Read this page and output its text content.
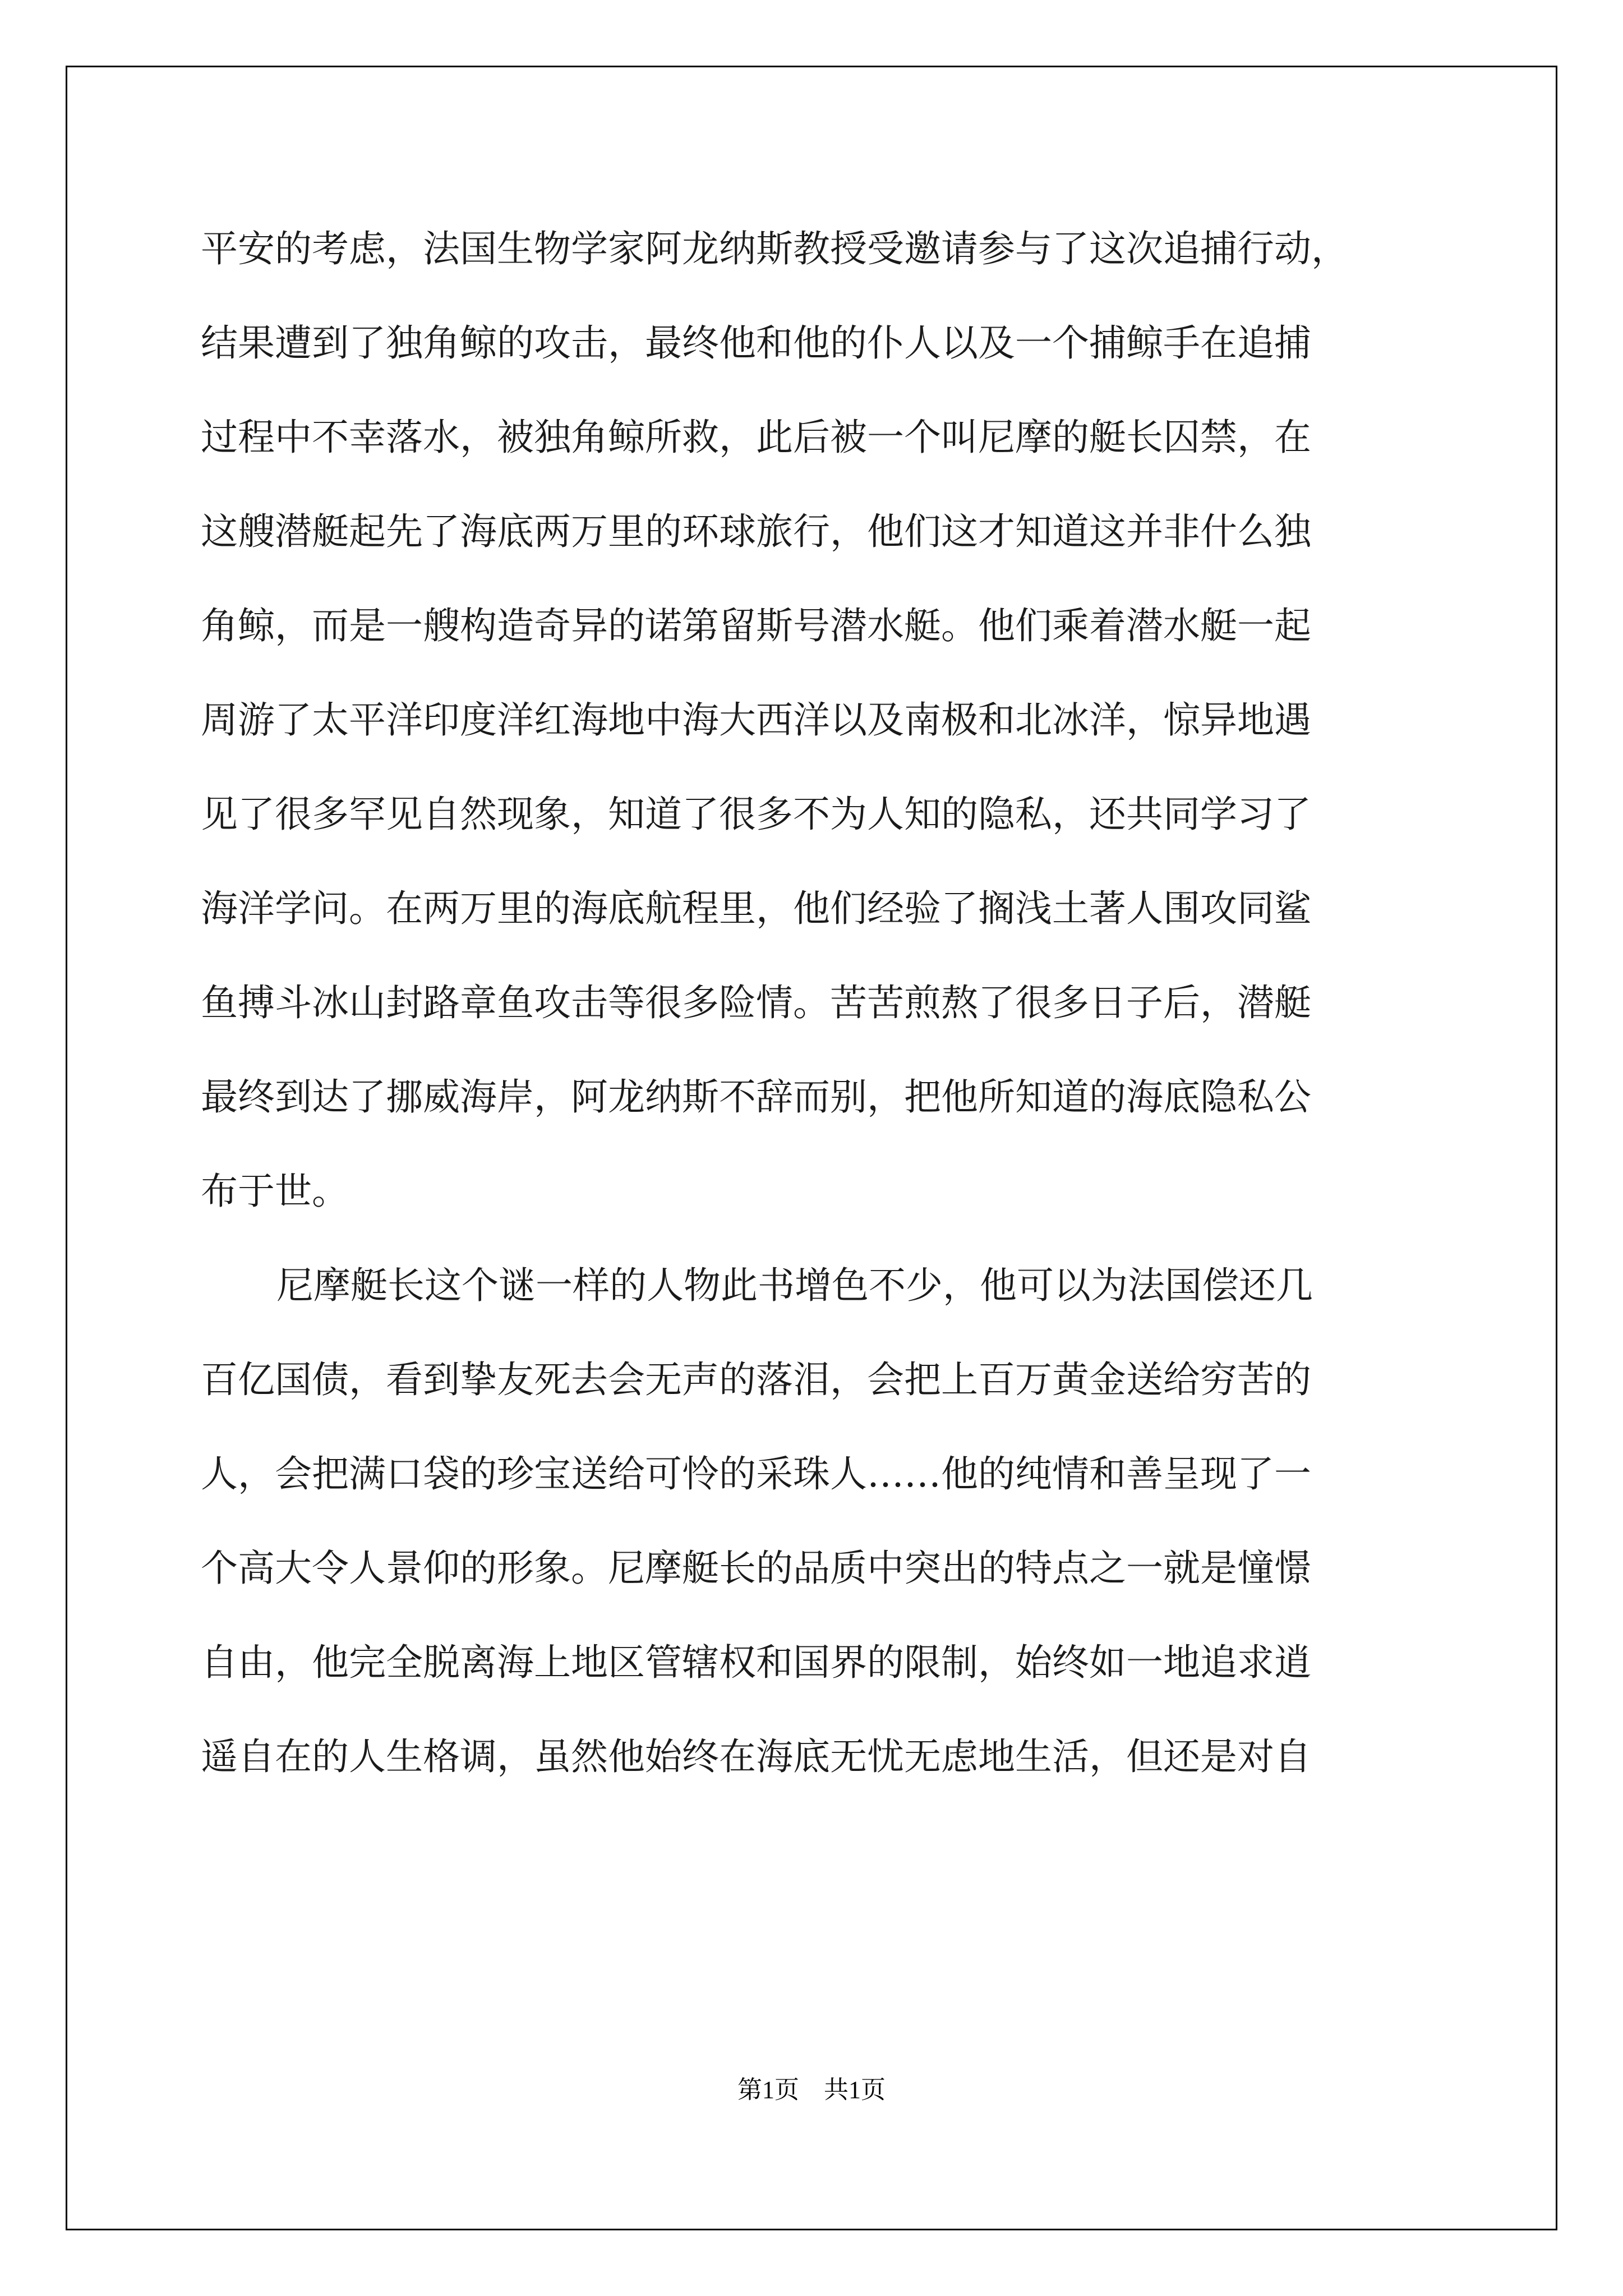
平安的考虑，法国生物学家阿龙纳斯教授受邀请参与了这次追捕行动，
结果遭到了独角鲸的攻击，最终他和他的仆人以及一个捕鲸手在追捕
过程中不幸落水，被独角鲸所救，此后被一个叫尼摩的艇长囚禁，在
这艘潜艇起先了海底两万里的环球旅行，他们这才知道这并非什么独
角鲸，而是一艘构造奇异的诺第留斯号潜水艇。他们乘着潜水艇一起
周游了太平洋印度洋红海地中海大西洋以及南极和北冰洋，惊异地遇
见了很多罕见自然现象，知道了很多不为人知的隐私，还共同学习了
海洋学问。在两万里的海底航程里，他们经验了搁浅土著人围攻同鲨
鱼搏斗冰山封路章鱼攻击等很多险情。苦苦煎熬了很多日子后，潜艇
最终到达了挪威海岸，阿龙纳斯不辞而别，把他所知道的海底隐私公
布于世。
尼摩艇长这个谜一样的人物此书增色不少，他可以为法国偿还几
百亿国债，看到挚友死去会无声的落泪，会把上百万黄金送给穷苦的
人，会把满口袋的珍宝送给可怜的采珠人……他的纯情和善呈现了一
个高大令人景仰的形象。尼摩艇长的品质中突出的特点之一就是憧憬
自由，他完全脱离海上地区管辖权和国界的限制，始终如一地追求逍
遥自在的人生格调，虽然他始终在海底无忧无虑地生活，但还是对自
第1页　共1页
